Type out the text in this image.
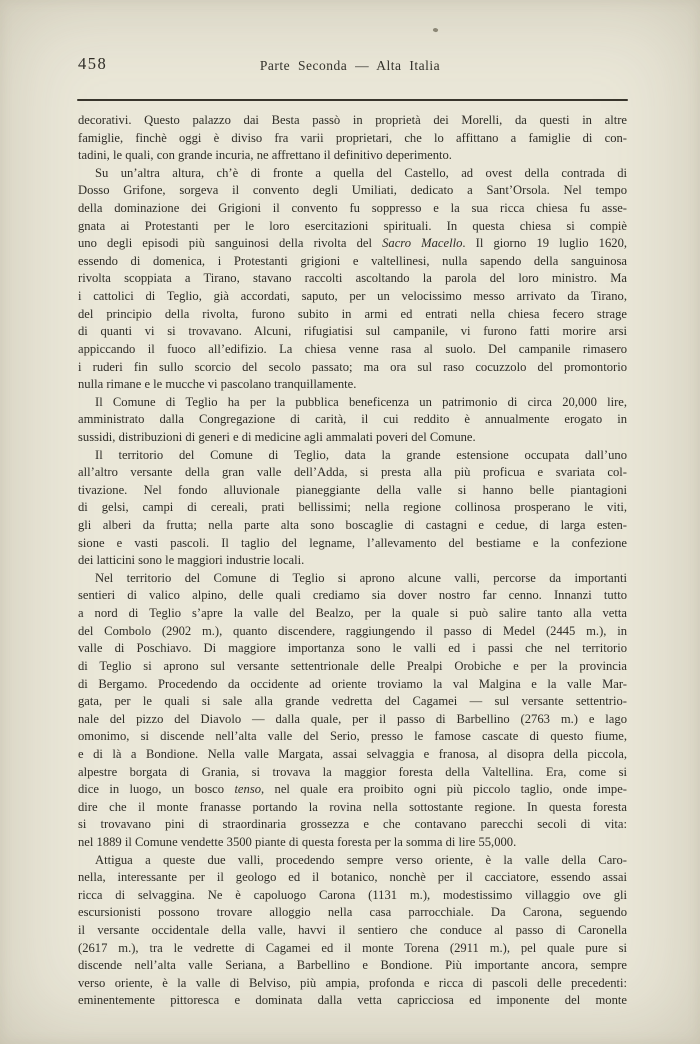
458	Parte Seconda — Alta Italia
decorativi. Questo palazzo dai Besta passò in proprietà dei Morelli, da questi in altre
famiglie, finchè oggi è diviso fra varii proprietari, che lo affittano a famiglie di con-
tadini, le quali, con grande incuria, ne affrettano il definitivo deperimento.
Su un’altra altura, ch’è di fronte a quella del Castello, ad ovest della contrada di
Dosso Grifone, sorgeva il convento degli Umiliati, dedicato a Sant’Orsola. Nel tempo
della dominazione dei Grigioni il convento fu soppresso e la sua ricca chiesa fu asse-
gnata ai Protestanti per le loro esercitazioni spirituali. In questa chiesa si compiè
uno degli episodi più sanguinosi della rivolta del Sacro Macello. Il giorno 19 luglio 1620,
essendo di domenica, i Protestanti grigioni e valtellinesi, nulla sapendo della sanguinosa
rivolta scoppiata a Tirano, stavano raccolti ascoltando la parola del loro ministro. Ma
i cattolici di Teglio, già accordati, saputo, per un velocissimo messo arrivato da Tirano,
del principio della rivolta, furono subito in armi ed entrati nella chiesa fecero strage
di quanti vi si trovavano. Alcuni, rifugiatisi sul campanile, vi furono fatti morire arsi
appiccando il fuoco all’edifizio. La chiesa venne rasa al suolo. Del campanile rimasero
i ruderi fin sullo scorcio del secolo passato; ma ora sul raso cocuzzolo del promontorio
nulla rimane e le mucche vi pascolano tranquillamente.
Il Comune di Teglio ha per la pubblica beneficenza un patrimonio di circa 20,000 lire,
amministrato dalla Congregazione di carità, il cui reddito è annualmente erogato in
sussidi, distribuzioni di generi e di medicine agli ammalati poveri del Comune.
Il territorio del Comune di Teglio, data la grande estensione occupata dall’uno
all’altro versante della gran valle dell’Adda, si presta alla più proficua e svariata col-
tivazione. Nel fondo alluvionale pianeggiante della valle si hanno belle piantagioni
di gelsi, campi di cereali, prati bellissimi; nella regione collinosa prosperano le viti,
gli alberi da frutta; nella parte alta sono boscaglie di castagni e cedue, di larga esten-
sione e vasti pascoli. Il taglio del legname, l’allevamento del bestiame e la confezione
dei latticini sono le maggiori industrie locali.
Nel territorio del Comune di Teglio si aprono alcune valli, percorse da importanti
sentieri di valico alpino, delle quali crediamo sia dover nostro far cenno. Innanzi tutto
a nord di Teglio s’apre la valle del Bealzo, per la quale si può salire tanto alla vetta
del Combolo (2902 m.), quanto discendere, raggiungendo il passo di Medel (2445 m.), in
valle di Poschiavo. Di maggiore importanza sono le valli ed i passi che nel territorio
di Teglio si aprono sul versante settentrionale delle Prealpi Orobiche e per la provincia
di Bergamo. Procedendo da occidente ad oriente troviamo la val Malgina e la valle Mar-
gata, per le quali si sale alla grande vedretta del Cagamei — sul versante settentrio-
nale del pizzo del Diavolo — dalla quale, per il passo di Barbellino (2763 m.) e lago
omonimo, si discende nell’alta valle del Serio, presso le famose cascate di questo fiume,
e di là a Bondione. Nella valle Margata, assai selvaggia e franosa, al disopra della piccola,
alpestre borgata di Grania, si trovava la maggior foresta della Valtellina. Era, come si
dice in luogo, un bosco tenso, nel quale era proibito ogni più piccolo taglio, onde impe-
dire che il monte franasse portando la rovina nella sottostante regione. In questa foresta
si trovavano pini di straordinaria grossezza e che contavano parecchi secoli di vita:
nel 1889 il Comune vendette 3500 piante di questa foresta per la somma di lire 55,000.
Attigua a queste due valli, procedendo sempre verso oriente, è la valle della Caro-
nella, interessante per il geologo ed il botanico, nonchè per il cacciatore, essendo assai
ricca di selvaggina. Ne è capoluogo Carona (1131 m.), modestissimo villaggio ove gli
escursionisti possono trovare alloggio nella casa parrocchiale. Da Carona, seguendo
il versante occidentale della valle, havvi il sentiero che conduce al passo di Caronella
(2617 m.), tra le vedrette di Cagamei ed il monte Torena (2911 m.), pel quale pure si
discende nell’alta valle Seriana, a Barbellino e Bondione. Più importante ancora, sempre
verso oriente, è la valle di Belviso, più ampia, profonda e ricca di pascoli delle precedenti:
eminentemente pittoresca e dominata dalla vetta capricciosa ed imponente del monte
